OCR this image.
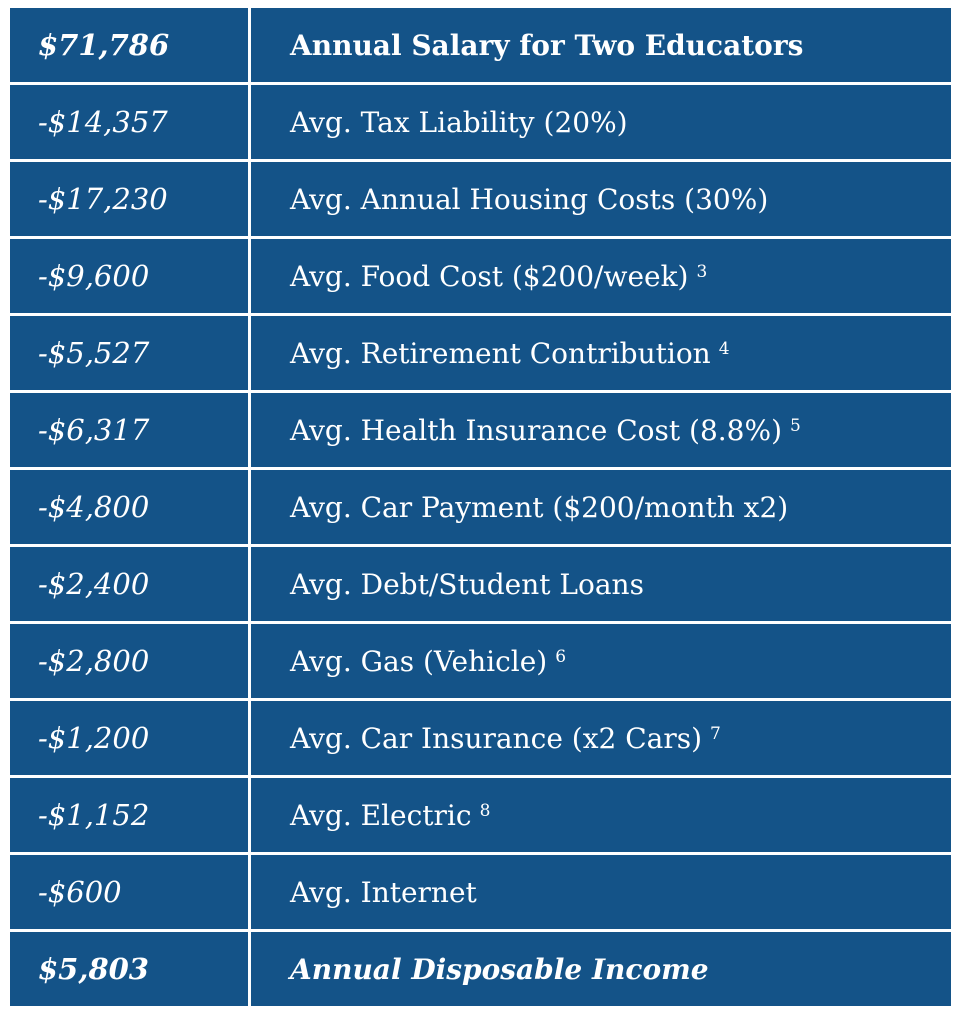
$71,786	Annual Salary for Two Educators
-$14,357	Avg. Tax Liability (20%)
-$17,230	Avg. Annual Housing Costs (30%)
-$9,600	Avg. Food Cost ($200/week) $^3$
-$5,527	Avg. Retirement Contribution $^4$
-$6,317	Avg. Health Insurance Cost (8.8%) $^5$
-$4,800	Avg. Car Payment ($200/month x2)
-$2,400	Avg. Debt/Student Loans
-$2,800	Avg. Gas (Vehicle) $^6$
-$1,200	Avg. Car Insurance (x2 Cars) $^7$
-$1,152	Avg. Electric $^8$
-$600	Avg. Internet
$5,803	Annual Disposable Income
